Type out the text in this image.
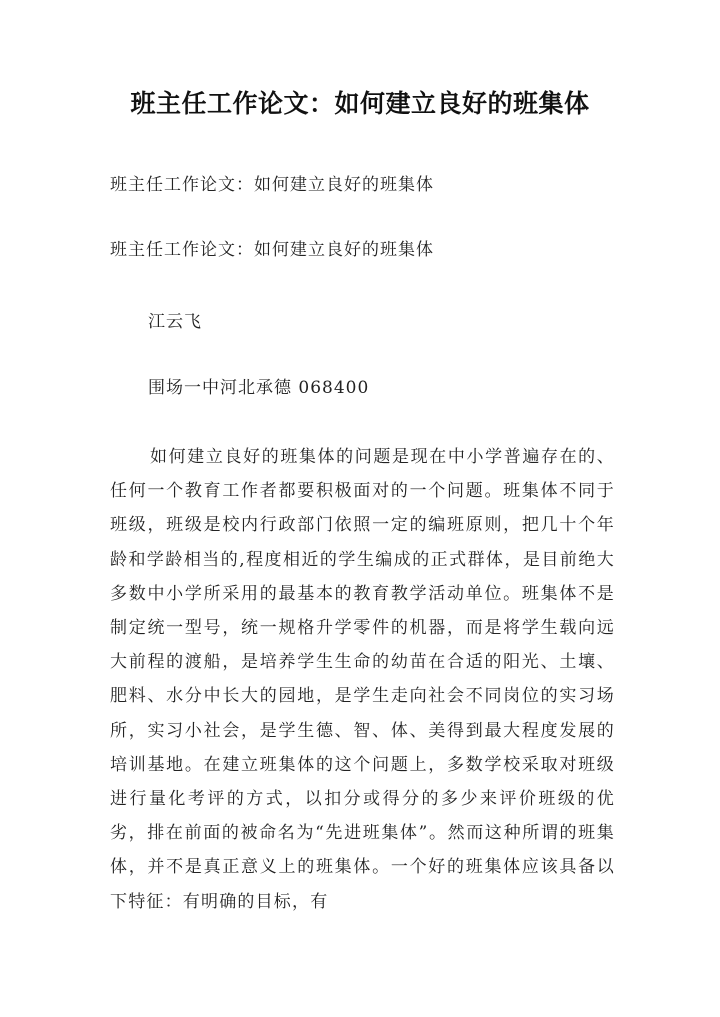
班主任工作论文：如何建立良好的班集体
班主任工作论文：如何建立良好的班集体
班主任工作论文：如何建立良好的班集体
江云飞
围场一中河北承德 068400

如何建立良好的班集体的问题是现在中小学普遍存在的、任何一个教育工作者都要积极面对的一个问题。班集体不同于班级，班级是校内行政部门依照一定的编班原则，把几十个年龄和学龄相当的,程度相近的学生编成的正式群体，是目前绝大多数中小学所采用的最基本的教育教学活动单位。班集体不是制定统一型号，统一规格升学零件的机器，而是将学生载向远大前程的渡船，是培养学生生命的幼苗在合适的阳光、土壤、肥料、水分中长大的园地，是学生走向社会不同岗位的实习场所，实习小社会，是学生德、智、体、美得到最大程度发展的培训基地。在建立班集体的这个问题上，多数学校采取对班级进行量化考评的方式，以扣分或得分的多少来评价班级的优劣，排在前面的被命名为“先进班集体”。然而这种所谓的班集体，并不是真正意义上的班集体。一个好的班集体应该具备以下特征：有明确的目标，有
